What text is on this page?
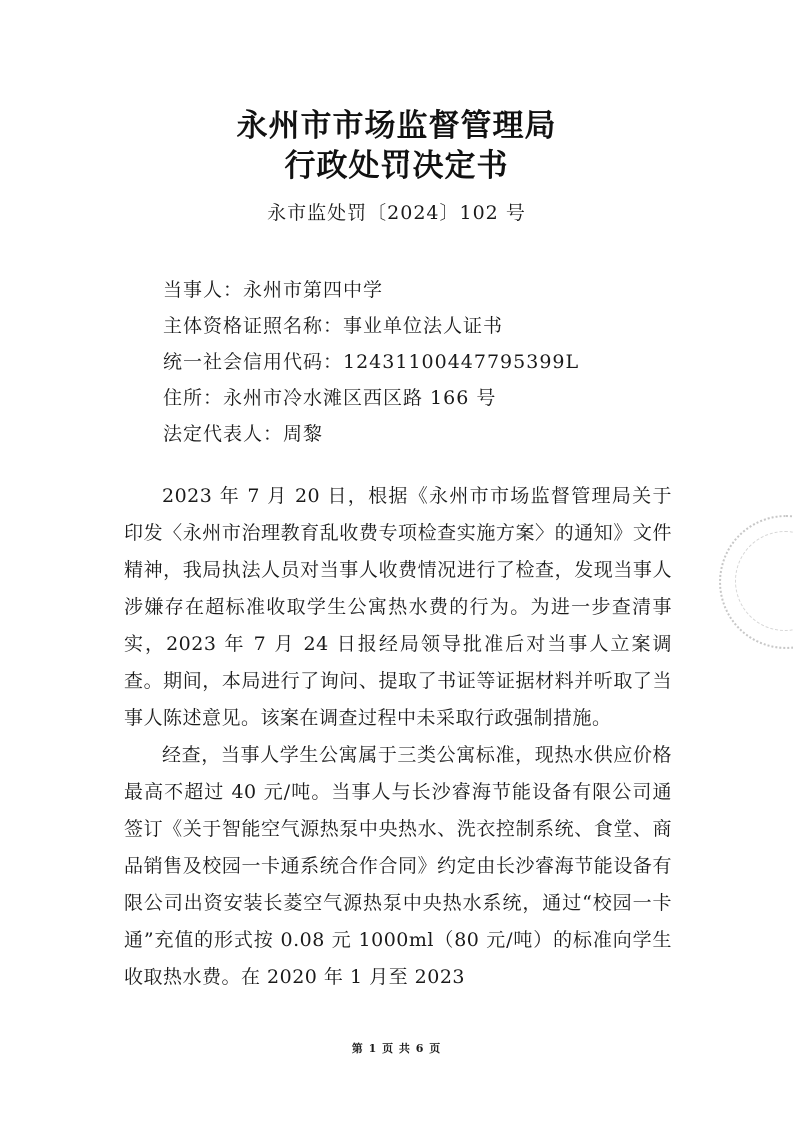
永州市市场监督管理局
行政处罚决定书
永市监处罚〔2024〕102 号
当事人：永州市第四中学
主体资格证照名称：事业单位法人证书
统一社会信用代码：12431100447795399L
住所：永州市冷水滩区西区路 166 号
法定代表人：周黎

2023 年 7 月 20 日，根据《永州市市场监督管理局关于印发〈永州市治理教育乱收费专项检查实施方案〉的通知》文件精神，我局执法人员对当事人收费情况进行了检查，发现当事人涉嫌存在超标准收取学生公寓热水费的行为。为进一步查清事实，2023 年 7 月 24 日报经局领导批准后对当事人立案调查。期间，本局进行了询问、提取了书证等证据材料并听取了当事人陈述意见。该案在调查过程中未采取行政强制措施。

经查，当事人学生公寓属于三类公寓标准，现热水供应价格最高不超过 40 元/吨。当事人与长沙睿海节能设备有限公司通签订《关于智能空气源热泵中央热水、洗衣控制系统、食堂、商品销售及校园一卡通系统合作合同》约定由长沙睿海节能设备有限公司出资安装长菱空气源热泵中央热水系统，通过“校园一卡通”充值的形式按 0.08 元 1000ml（80 元/吨）的标准向学生收取热水费。在 2020 年 1 月至 2023

第 1 页 共 6 页
